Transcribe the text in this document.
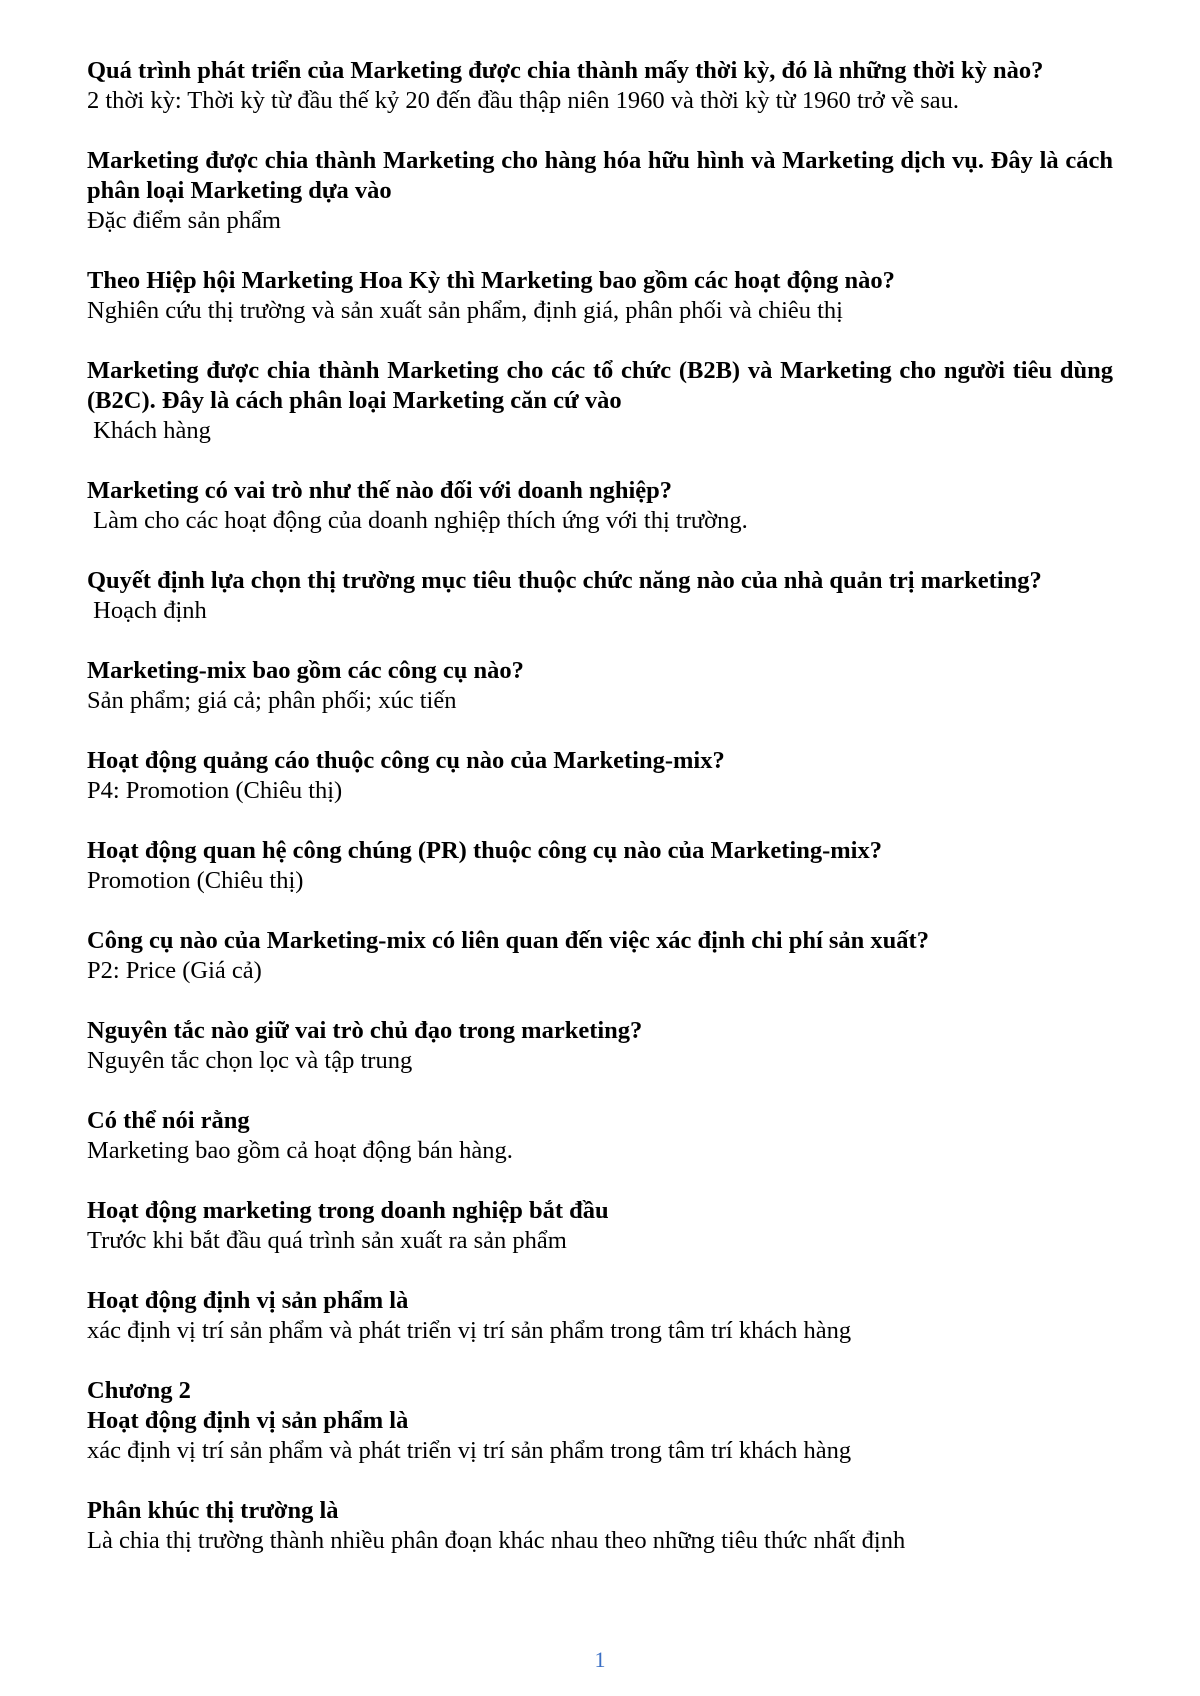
Quá trình phát triển của Marketing được chia thành mấy thời kỳ, đó là những thời kỳ nào?
2 thời kỳ: Thời kỳ từ đầu thế kỷ 20 đến đầu thập niên 1960 và thời kỳ từ 1960 trở về sau.
Marketing được chia thành Marketing cho hàng hóa hữu hình và Marketing dịch vụ. Đây là cách phân loại Marketing dựa vào
Đặc điểm sản phẩm
Theo Hiệp hội Marketing Hoa Kỳ thì Marketing bao gồm các hoạt động nào?
Nghiên cứu thị trường và sản xuất sản phẩm, định giá, phân phối và chiêu thị
Marketing được chia thành Marketing cho các tổ chức (B2B) và Marketing cho người tiêu dùng (B2C). Đây là cách phân loại Marketing căn cứ vào
Khách hàng
Marketing có vai trò như thế nào đối với doanh nghiệp?
Làm cho các hoạt động của doanh nghiệp thích ứng với thị trường.
Quyết định lựa chọn thị trường mục tiêu thuộc chức năng nào của nhà quản trị marketing?
Hoạch định
Marketing-mix bao gồm các công cụ nào?
Sản phẩm; giá cả; phân phối; xúc tiến
Hoạt động quảng cáo thuộc công cụ nào của Marketing-mix?
P4: Promotion (Chiêu thị)
Hoạt động quan hệ công chúng (PR) thuộc công cụ nào của Marketing-mix?
Promotion (Chiêu thị)
Công cụ nào của Marketing-mix có liên quan đến việc xác định chi phí sản xuất?
P2: Price (Giá cả)
Nguyên tắc nào giữ vai trò chủ đạo trong marketing?
Nguyên tắc chọn lọc và tập trung
Có thể nói rằng
Marketing bao gồm cả hoạt động bán hàng.
Hoạt động marketing trong doanh nghiệp bắt đầu
Trước khi bắt đầu quá trình sản xuất ra sản phẩm
Hoạt động định vị sản phẩm là
xác định vị trí sản phẩm và phát triển vị trí sản phẩm trong tâm trí khách hàng
Chương 2
Hoạt động định vị sản phẩm là
xác định vị trí sản phẩm và phát triển vị trí sản phẩm trong tâm trí khách hàng
Phân khúc thị trường là
Là chia thị trường thành nhiều phân đoạn khác nhau theo những tiêu thức nhất định
1
